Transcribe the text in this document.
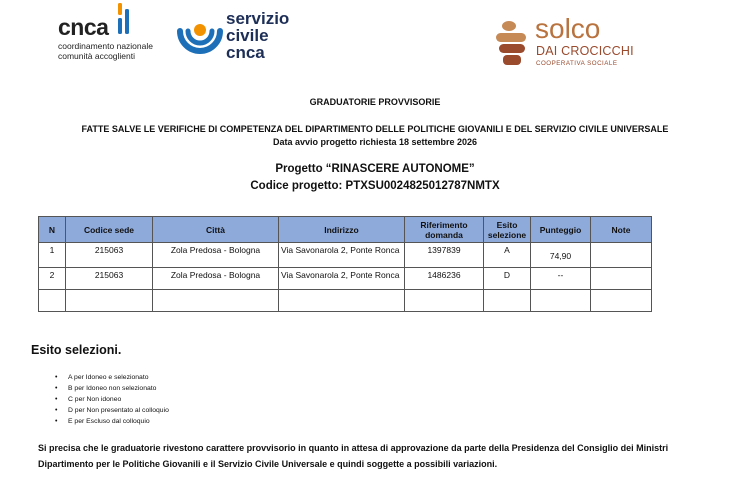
cnca
coordinamento nazionale
comunità accoglienti
servizio
civile
cnca
solco
DAI CROCICCHI
COOPERATIVA SOCIALE
GRADUATORIE PROVVISORIE
FATTE SALVE LE VERIFICHE DI COMPETENZA DEL DIPARTIMENTO DELLE POLITICHE GIOVANILI E DEL SERVIZIO CIVILE UNIVERSALE
Data avvio progetto richiesta 18 settembre 2026
Progetto “RINASCERE AUTONOME”
Codice progetto: PTXSU0024825012787NMTX
N	Codice sede	Città	Indirizzo	Riferimento domanda	Esito selezione	Punteggio	Note
1	215063	Zola Predosa - Bologna	Via Savonarola 2, Ponte Ronca	1397839	A	74,90	
2	215063	Zola Predosa - Bologna	Via Savonarola 2, Ponte Ronca	1486236	D	--	

Esito selezioni.
• A per Idoneo e selezionato
• B per Idoneo non selezionato
• C per Non idoneo
• D per Non presentato al colloquio
• E per Escluso dal colloquio
Si precisa che le graduatorie rivestono carattere provvisorio in quanto in attesa di approvazione da parte della Presidenza del Consiglio dei Ministri Dipartimento per le Politiche Giovanili e il Servizio Civile Universale e quindi soggette a possibili variazioni.
